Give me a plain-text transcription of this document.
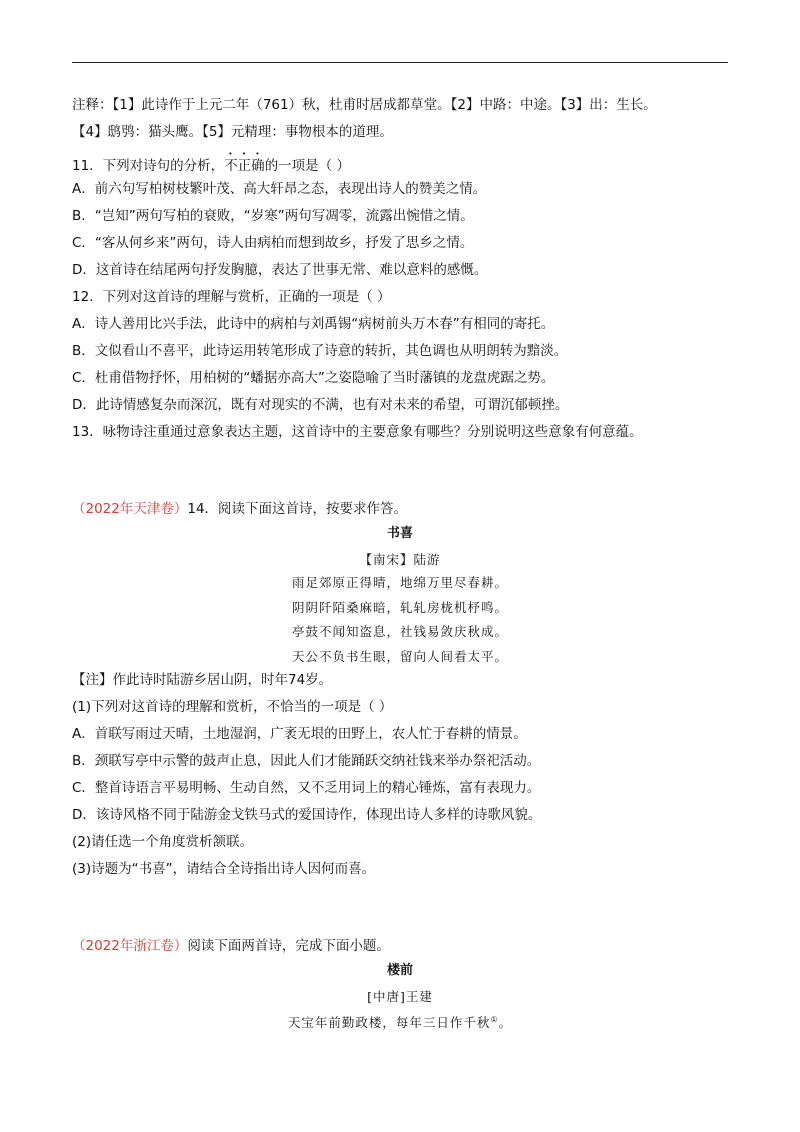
注释：【1】此诗作于上元二年（761）秋，杜甫时居成都草堂。【2】中路：中途。【3】出：生长。
【4】鸱鸮：猫头鹰。【5】元精理：事物根本的道理。
11．下列对诗句的分析，不正确的一项是（ ）
A．前六句写柏树枝繁叶茂、高大轩昂之态，表现出诗人的赞美之情。
B．“岂知”两句写柏的衰败，“岁寒”两句写凋零，流露出惋惜之情。
C．“客从何乡来”两句，诗人由病柏而想到故乡，抒发了思乡之情。
D．这首诗在结尾两句抒发胸臆，表达了世事无常、难以意料的感慨。
12．下列对这首诗的理解与赏析，正确的一项是（ ）
A．诗人善用比兴手法，此诗中的病柏与刘禹锡“病树前头万木春”有相同的寄托。
B．文似看山不喜平，此诗运用转笔形成了诗意的转折，其色调也从明朗转为黯淡。
C．杜甫借物抒怀，用柏树的“蟠据亦高大”之姿隐喻了当时藩镇的龙盘虎踞之势。
D．此诗情感复杂而深沉，既有对现实的不满，也有对未来的希望，可谓沉郁顿挫。
13．咏物诗注重通过意象表达主题，这首诗中的主要意象有哪些？分别说明这些意象有何意蕴。
（2022年天津卷）14．阅读下面这首诗，按要求作答。
书喜
【南宋】陆游
雨足郊原正得晴，地绵万里尽春耕。
阴阴阡陌桑麻暗，轧轧房栊机杼鸣。
亭鼓不闻知盗息，社钱易敛庆秋成。
天公不负书生眼，留向人间看太平。
【注】作此诗时陆游乡居山阴，时年74岁。
(1)下列对这首诗的理解和赏析，不恰当的一项是（ ）
A．首联写雨过天晴，土地湿润，广袤无垠的田野上，农人忙于春耕的情景。
B．颈联写亭中示警的鼓声止息，因此人们才能踊跃交纳社钱来举办祭祀活动。
C．整首诗语言平易明畅、生动自然，又不乏用词上的精心锤炼，富有表现力。
D．该诗风格不同于陆游金戈铁马式的爱国诗作，体现出诗人多样的诗歌风貌。
(2)请任选一个角度赏析颔联。
(3)诗题为“书喜”，请结合全诗指出诗人因何而喜。
（2022年浙江卷）阅读下面两首诗，完成下面小题。
楼前
[中唐]王建
天宝年前勤政楼，每年三日作千秋①。
